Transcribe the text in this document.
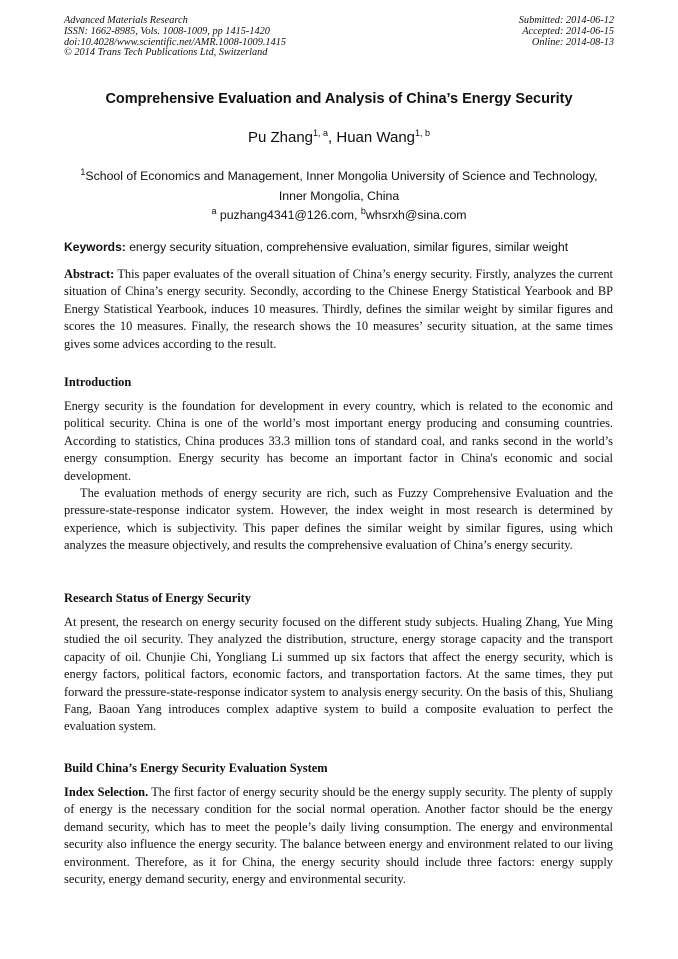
Advanced Materials Research
ISSN: 1662-8985, Vols. 1008-1009, pp 1415-1420
doi:10.4028/www.scientific.net/AMR.1008-1009.1415
© 2014 Trans Tech Publications Ltd, Switzerland
Submitted: 2014-06-12
Accepted: 2014-06-15
Online: 2014-08-13
Comprehensive Evaluation and Analysis of China’s Energy Security
Pu Zhang$^{1, a}$, Huan Wang$^{1, b}$
$^1$School of Economics and Management, Inner Mongolia University of Science and Technology,
Inner Mongolia, China
$^a$ puzhang4341@126.com, $^b$whsrxh@sina.com
Keywords: energy security situation, comprehensive evaluation, similar figures, similar weight

Abstract: This paper evaluates of the overall situation of China’s energy security. Firstly, analyzes the current situation of China’s energy security. Secondly, according to the Chinese Energy Statistical Yearbook and BP Energy Statistical Yearbook, induces 10 measures. Thirdly, defines the similar weight by similar figures and scores the 10 measures. Finally, the research shows the 10 measures’ security situation, at the same times gives some advices according to the result.

Introduction

Energy security is the foundation for development in every country, which is related to the economic and political security. China is one of the world’s most important energy producing and consuming countries. According to statistics, China produces 33.3 million tons of standard coal, and ranks second in the world’s energy consumption. Energy security has become an important factor in China's economic and social development.

The evaluation methods of energy security are rich, such as Fuzzy Comprehensive Evaluation and the pressure-state-response indicator system. However, the index weight in most research is determined by experience, which is subjectivity. This paper defines the similar weight by similar figures, using which analyzes the measure objectively, and results the comprehensive evaluation of China’s energy security.

Research Status of Energy Security

At present, the research on energy security focused on the different study subjects. Hualing Zhang, Yue Ming studied the oil security. They analyzed the distribution, structure, energy storage capacity and the transport capacity of oil. Chunjie Chi, Yongliang Li summed up six factors that affect the energy security, which is energy factors, political factors, economic factors, and transportation factors. At the same times, they put forward the pressure-state-response indicator system to analysis energy security. On the basis of this, Shuliang Fang, Baoan Yang introduces complex adaptive system to build a composite evaluation to perfect the evaluation system.

Build China’s Energy Security Evaluation System

Index Selection. The first factor of energy security should be the energy supply security. The plenty of supply of energy is the necessary condition for the social normal operation. Another factor should be the energy demand security, which has to meet the people’s daily living consumption. The energy and environmental security also influence the energy security. The balance between energy and environment related to our living environment. Therefore, as it for China, the energy security should include three factors: energy supply security, energy demand security, energy and environmental security.
